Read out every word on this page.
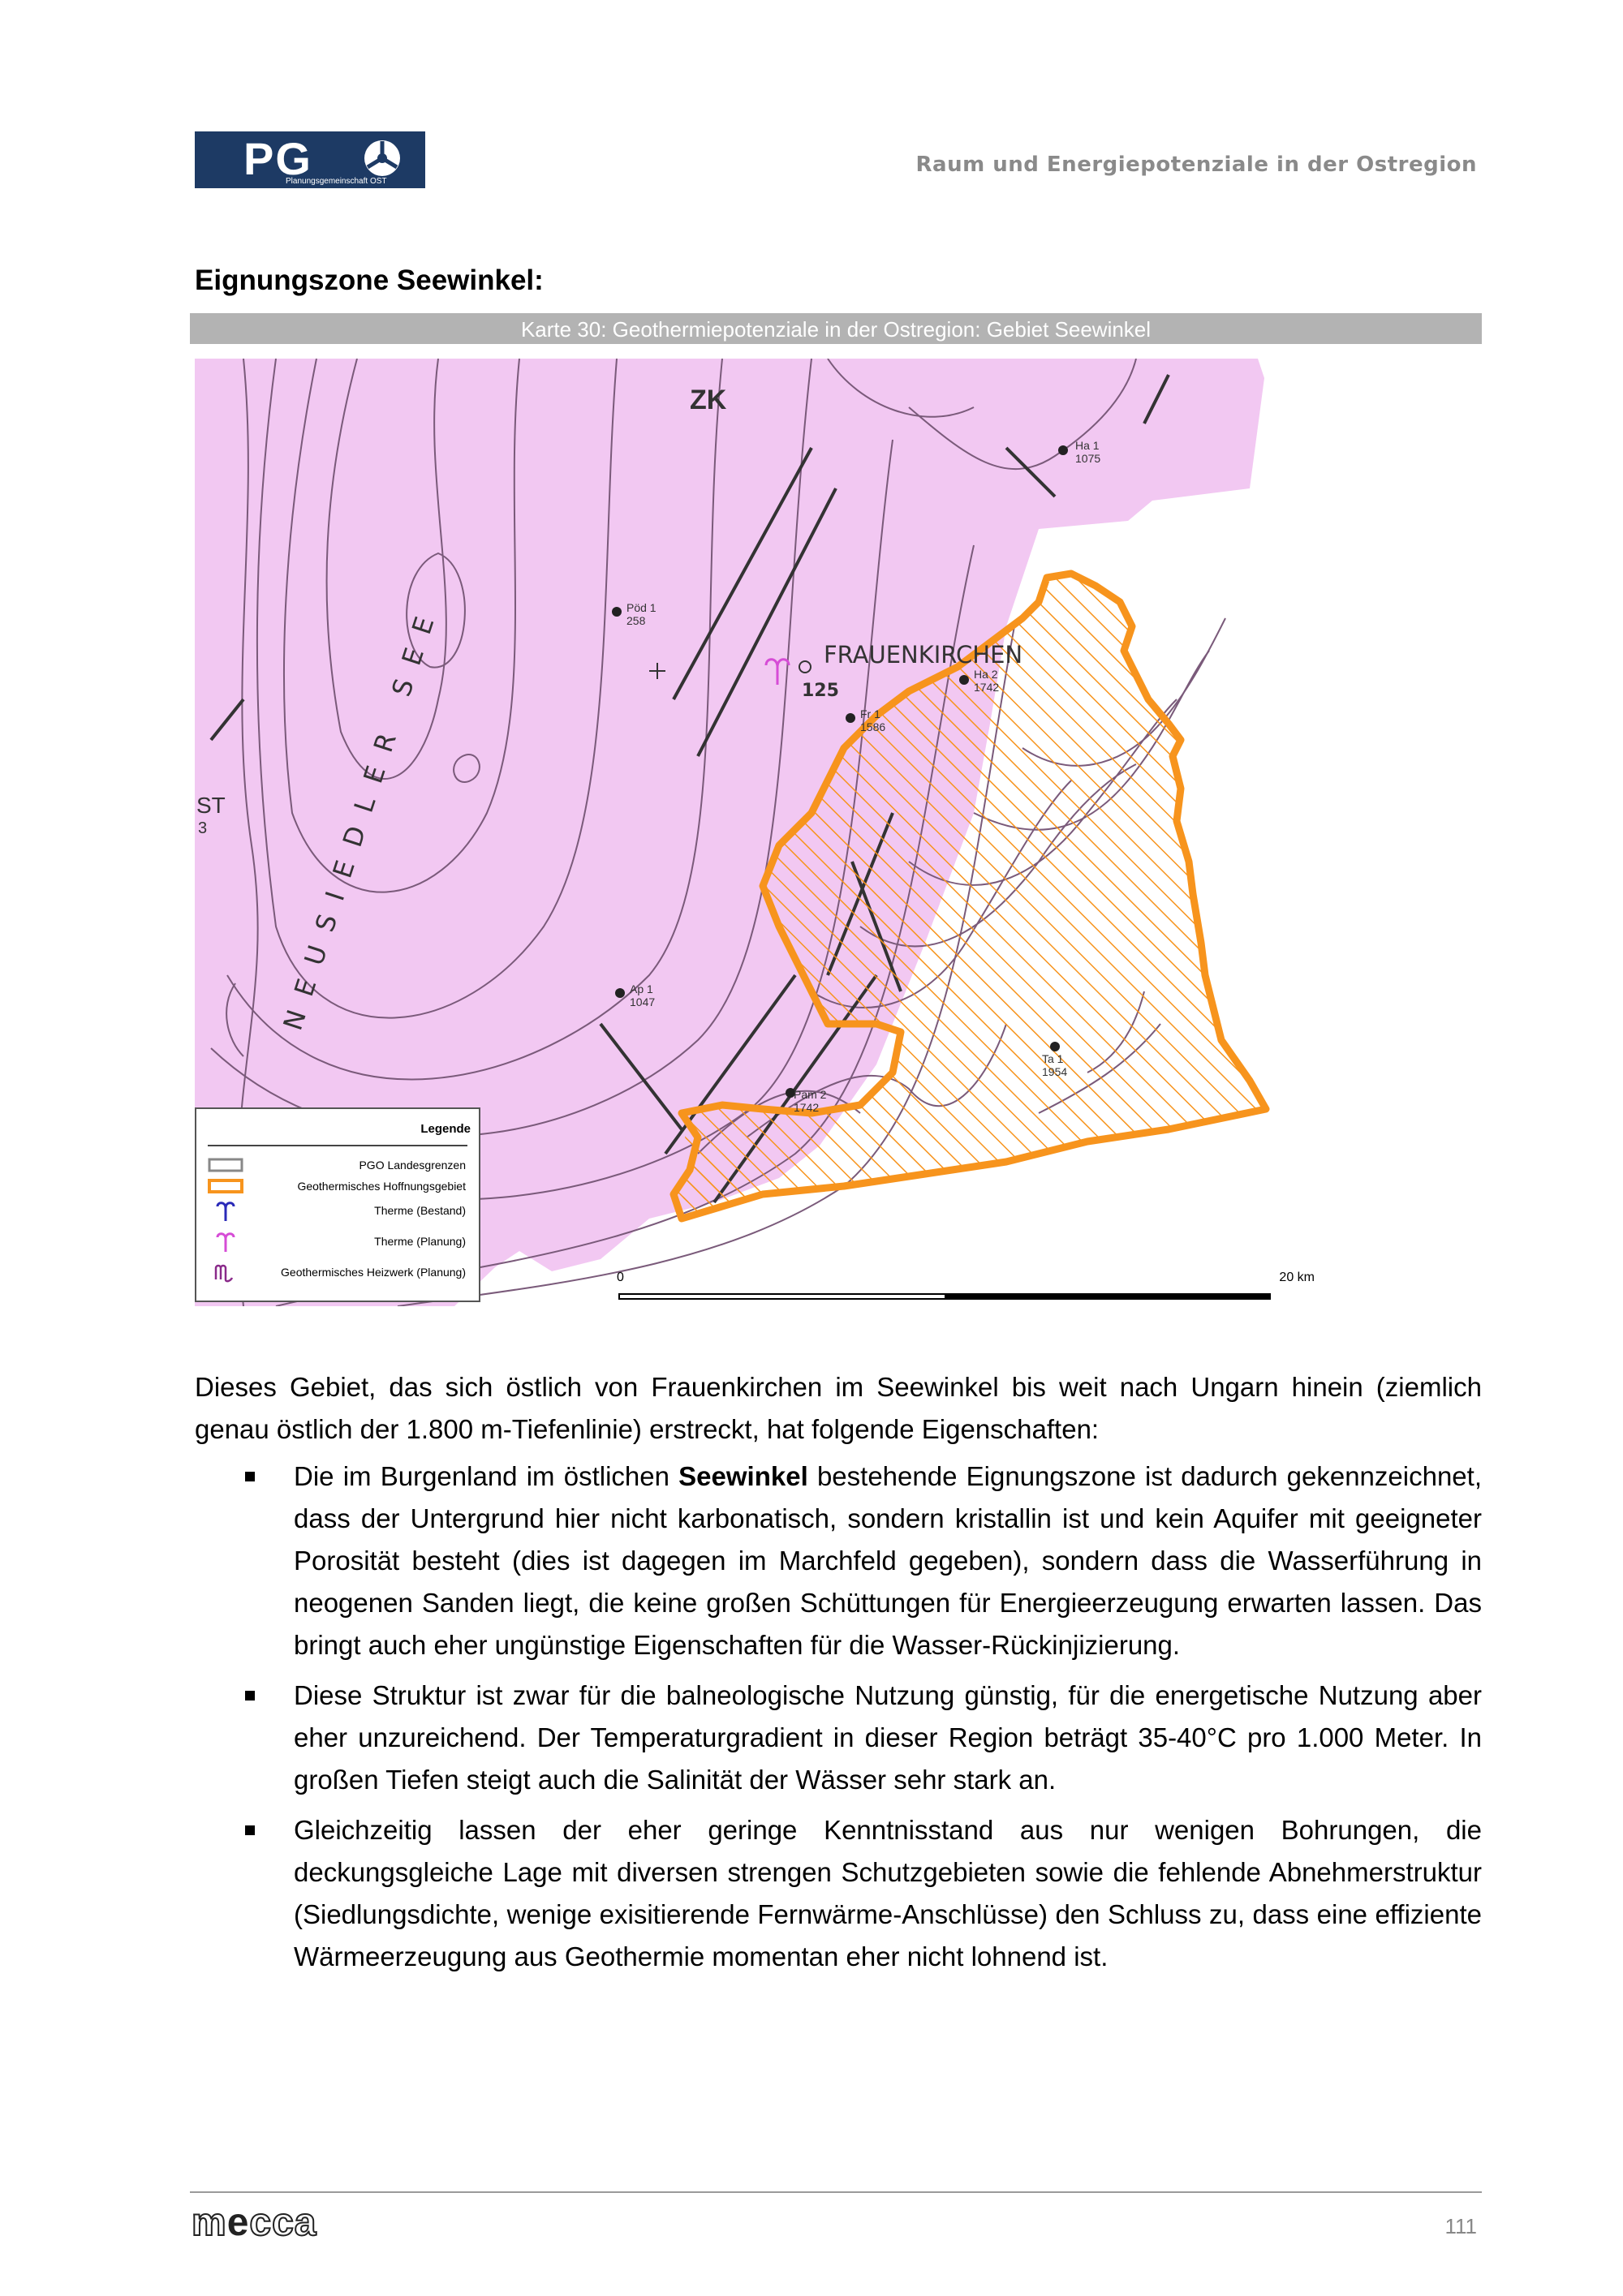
PG
Planungsgemeinschaft OST
Raum und Energiepotenziale in der Ostregion
Eignungszone Seewinkel:
Karte 30: Geothermiepotenziale in der Ostregion: Gebiet Seewinkel
ZK
NEUSIEDLER SEE	FRAUENKIRCHEN
125
ST
3
Ha 1
1075
Pöd 1
258
Ha 2
1742
Fr 1
1586
Ap 1
1047
Pam 2
1742
Ta 1
1954
Legende
PGO Landesgrenzen
Geothermisches Hoffnungsgebiet
Therme (Bestand)
Therme (Planung)
Geothermisches Heizwerk (Planung)	0	20 km
Dieses Gebiet, das sich östlich von Frauenkirchen im Seewinkel bis weit nach Ungarn hinein (ziemlich genau östlich der 1.800 m-Tiefenlinie) erstreckt, hat folgende Eigenschaften:
Die im Burgenland im östlichen Seewinkel bestehende Eignungszone ist dadurch gekennzeichnet, dass der Untergrund hier nicht karbonatisch, sondern kristallin ist und kein Aquifer mit geeigneter Porosität besteht (dies ist dagegen im Marchfeld gegeben), sondern dass die Wasserführung in neogenen Sanden liegt, die keine großen Schüttungen für Energieerzeugung erwarten lassen. Das bringt auch eher ungünstige Eigenschaften für die Wasser-Rückinjizierung.
Diese Struktur ist zwar für die balneologische Nutzung günstig, für die energetische Nutzung aber eher unzureichend. Der Temperaturgradient in dieser Region beträgt 35-40°C pro 1.000 Meter. In großen Tiefen steigt auch die Salinität der Wässer sehr stark an.
Gleichzeitig lassen der eher geringe Kenntnisstand aus nur wenigen Bohrungen, die deckungsgleiche Lage mit diversen strengen Schutzgebieten sowie die fehlende Abnehmerstruktur (Siedlungsdichte, wenige exisitierende Fernwärme-Anschlüsse) den Schluss zu, dass eine effiziente Wärmeerzeugung aus Geothermie momentan eher nicht lohnend ist.
mecca	111
